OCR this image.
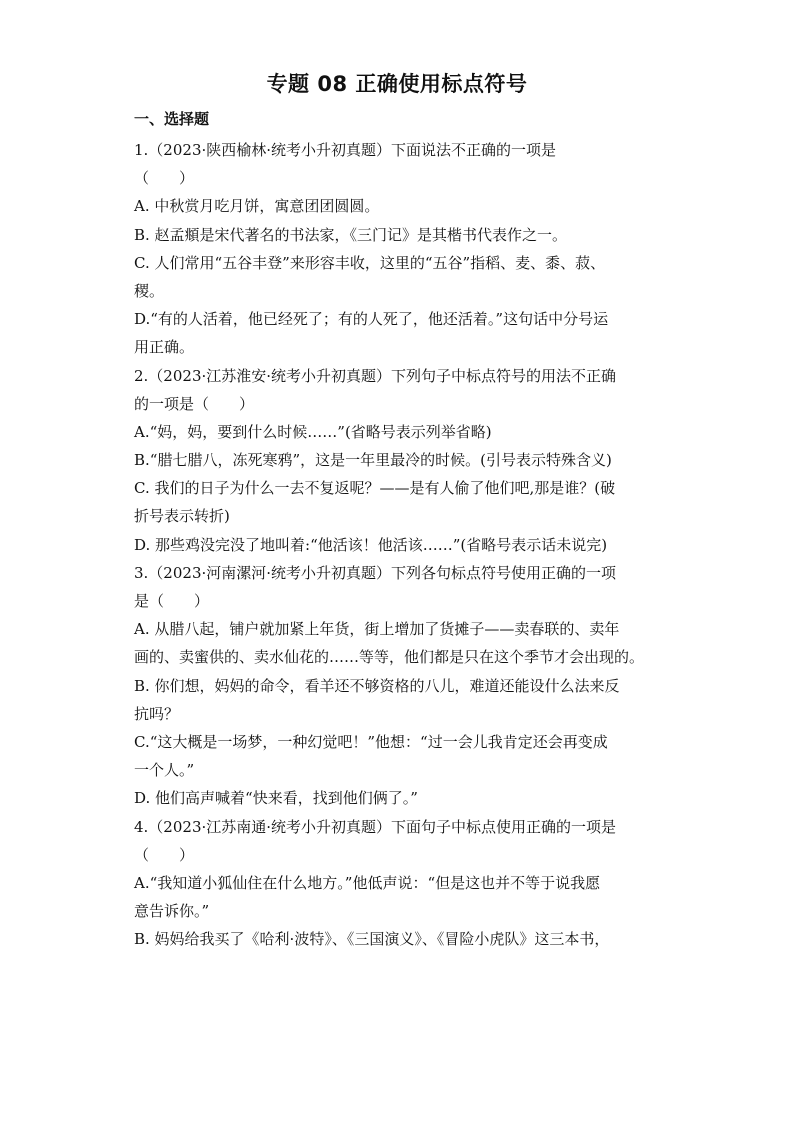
专题 08 正确使用标点符号
一、选择题
1.（2023·陕西榆林·统考小升初真题）下面说法不正确的一项是
（　　）
A. 中秋赏月吃月饼，寓意团团圆圆。
B. 赵孟頫是宋代著名的书法家，《三门记》是其楷书代表作之一。
C. 人们常用“五谷丰登”来形容丰收，这里的“五谷”指稻、麦、黍、菽、
稷。
D.“有的人活着，他已经死了；有的人死了，他还活着。”这句话中分号运
用正确。
2.（2023·江苏淮安·统考小升初真题）下列句子中标点符号的用法不正确
的一项是（　　）
A.“妈，妈，要到什么时候……”(省略号表示列举省略)
B.“腊七腊八，冻死寒鸦”，这是一年里最冷的时候。(引号表示特殊含义)
C. 我们的日子为什么一去不复返呢？——是有人偷了他们吧,那是谁？(破
折号表示转折)
D. 那些鸡没完没了地叫着:“他活该！他活该……”(省略号表示话未说完)
3.（2023·河南漯河·统考小升初真题）下列各句标点符号使用正确的一项
是（　　）
A. 从腊八起，铺户就加紧上年货，街上增加了货摊子——卖春联的、卖年
画的、卖蜜供的、卖水仙花的……等等，他们都是只在这个季节才会出现的。
B. 你们想，妈妈的命令，看羊还不够资格的八儿，难道还能设什么法来反
抗吗？
C.“这大概是一场梦，一种幻觉吧！”他想：“过一会儿我肯定还会再变成
一个人。”
D. 他们高声喊着“快来看，找到他们俩了。”
4.（2023·江苏南通·统考小升初真题）下面句子中标点使用正确的一项是
（　　）
A.“我知道小狐仙住在什么地方。”他低声说：“但是这也并不等于说我愿
意告诉你。”
B. 妈妈给我买了《哈利·波特》、《三国演义》、《冒险小虎队》这三本书，
